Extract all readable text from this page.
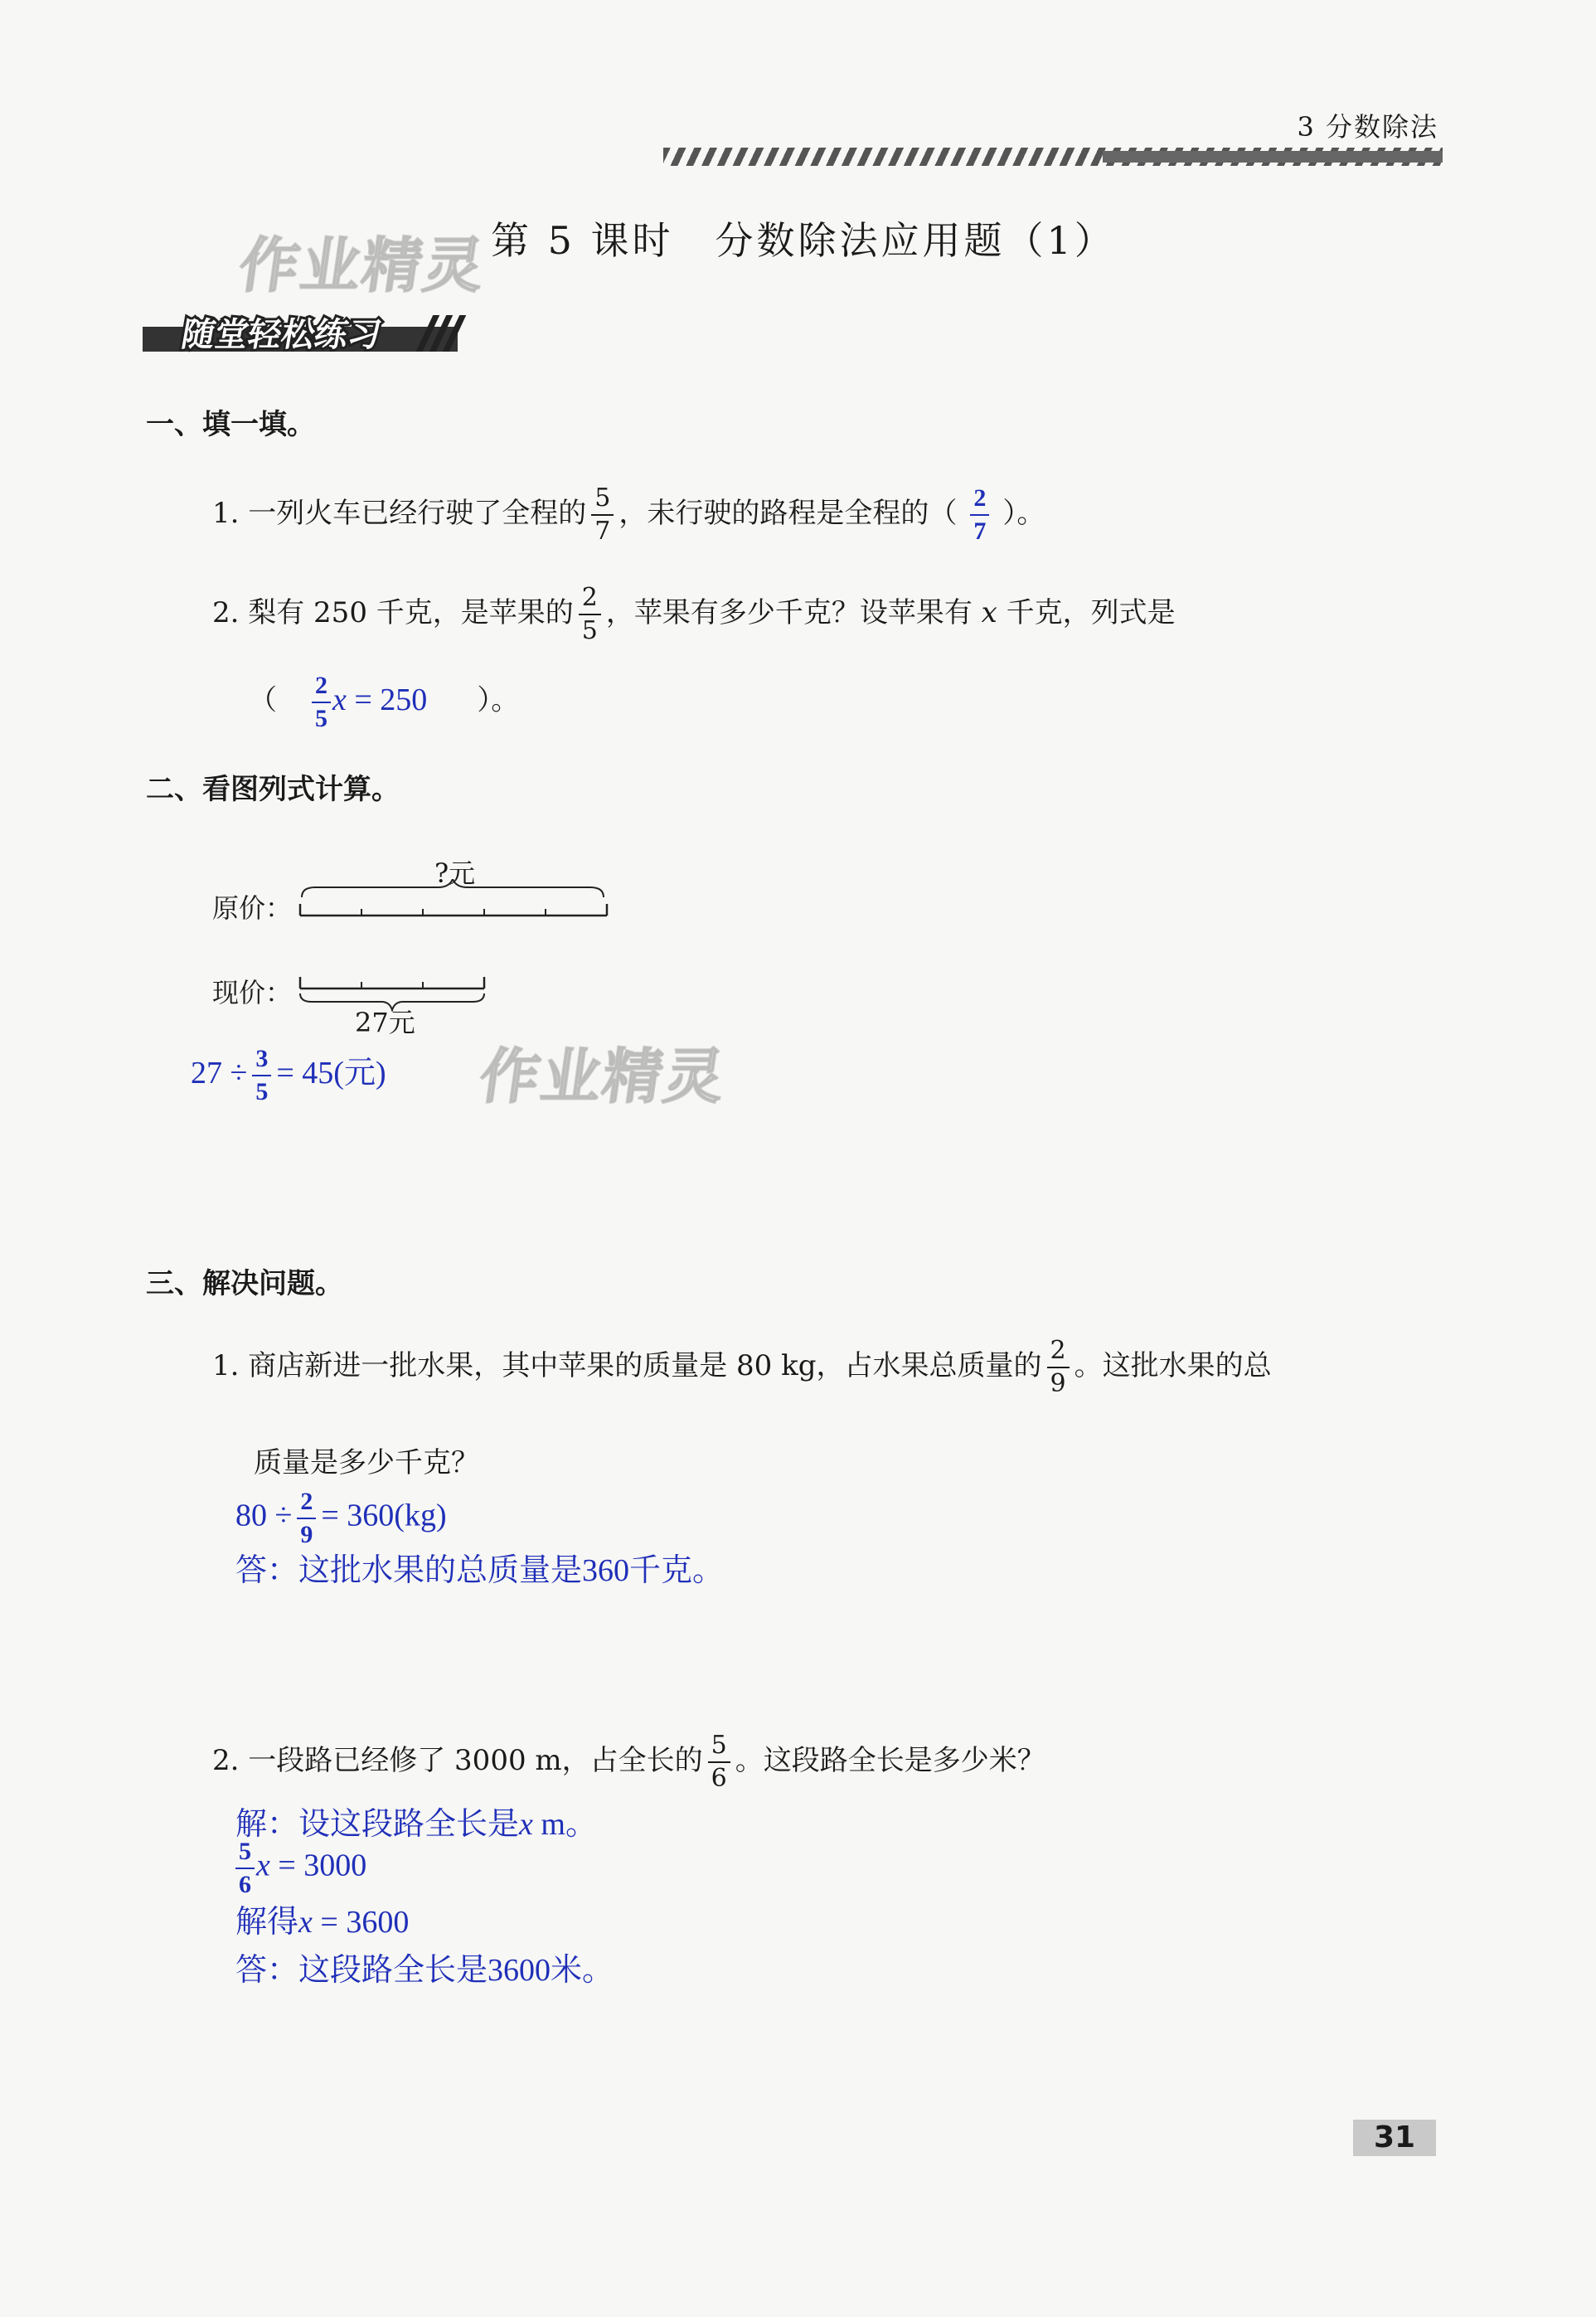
3 分数除法
作业精灵
作业精灵
第 5 课时　分数除法应用题（1）
随堂轻松练习
一、填一填。
1. 一列火车已经行驶了全程的 $\frac{5}{7}$ ，未行驶的路程是全程的（ $\frac{2}{7}$ ）。
2. 梨有 250 千克，是苹果的 $\frac{2}{5}$ ，苹果有多少千克？设苹果有 x 千克，列式是
（ $\frac{2}{5}$ x = 250 ）。
二、看图列式计算。
原价：
现价：
?元
27元
$27 \div \frac{3}{5} = 45$(元)
三、解决问题。
1. 商店新进一批水果，其中苹果的质量是 80 kg，占水果总质量的 $\frac{2}{9}$ 。这批水果的总
质量是多少千克？
$80 \div \frac{2}{9} = 360(kg)$
答：这批水果的总质量是360千克。
2. 一段路已经修了 3000 m，占全长的 $\frac{5}{6}$ 。这段路全长是多少米？
解：设这段路全长是x m。
$\frac{5}{6}$ x = 3000
解得x = 3600
答：这段路全长是3600米。
31
